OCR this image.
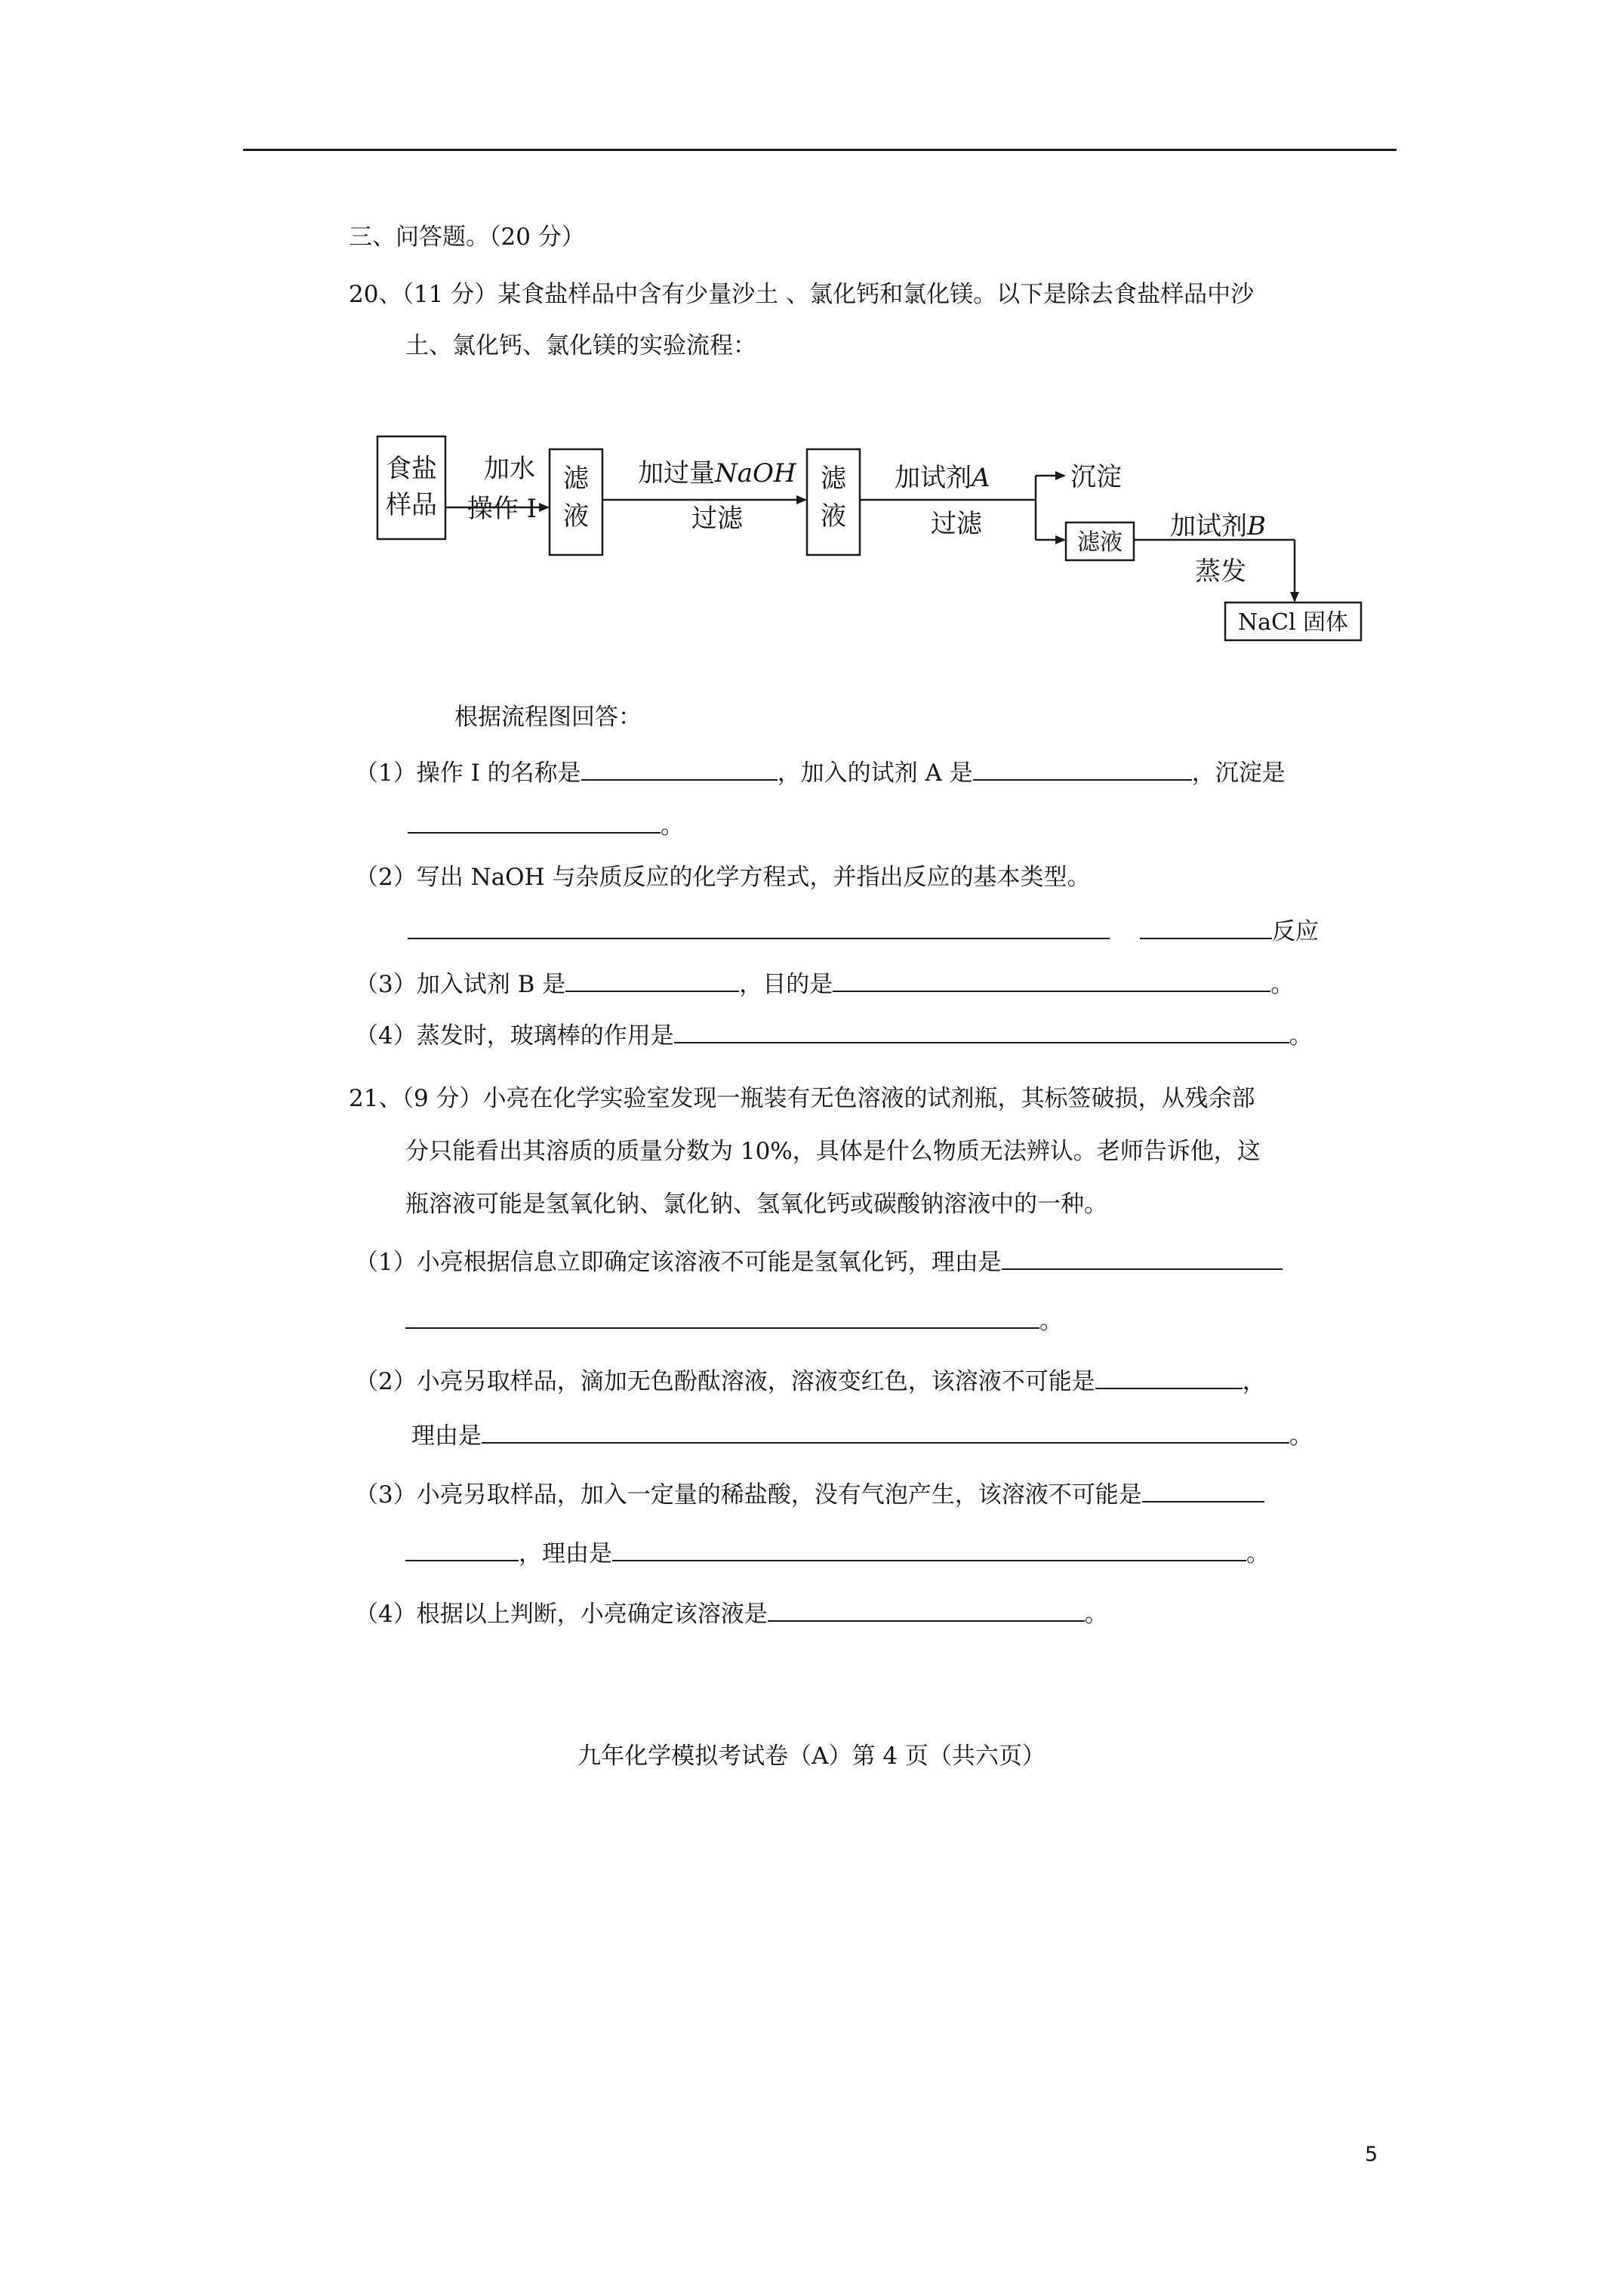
三、问答题。（20 分）
20、（11 分）某食盐样品中含有少量沙土 、氯化钙和氯化镁。以下是除去食盐样品中沙
土、氯化钙、氯化镁的实验流程：
食盐
样品
加水
操作 I
滤
液
加过量NaOH
过滤
滤
液
加试剂A
过滤
沉淀
滤液
加试剂B
蒸发
NaCl 固体
根据流程图回答：
（1）操作 I 的名称是	，加入的试剂 A 是	，沉淀是
。
（2）写出 NaOH 与杂质反应的化学方程式，并指出反应的基本类型。
反应
（3）加入试剂 B 是	，目的是	。
（4）蒸发时，玻璃棒的作用是	。
21、（9 分）小亮在化学实验室发现一瓶装有无色溶液的试剂瓶，其标签破损，从残余部
分只能看出其溶质的质量分数为 10%，具体是什么物质无法辨认。老师告诉他，这
瓶溶液可能是氢氧化钠、氯化钠、氢氧化钙或碳酸钠溶液中的一种。
（1）小亮根据信息立即确定该溶液不可能是氢氧化钙，理由是
。
（2）小亮另取样品，滴加无色酚酞溶液，溶液变红色，该溶液不可能是	，
理由是	。
（3）小亮另取样品，加入一定量的稀盐酸，没有气泡产生，该溶液不可能是
，理由是	。
（4）根据以上判断，小亮确定该溶液是	。
九年化学模拟考试卷（A）第 4 页（共六页）
5
